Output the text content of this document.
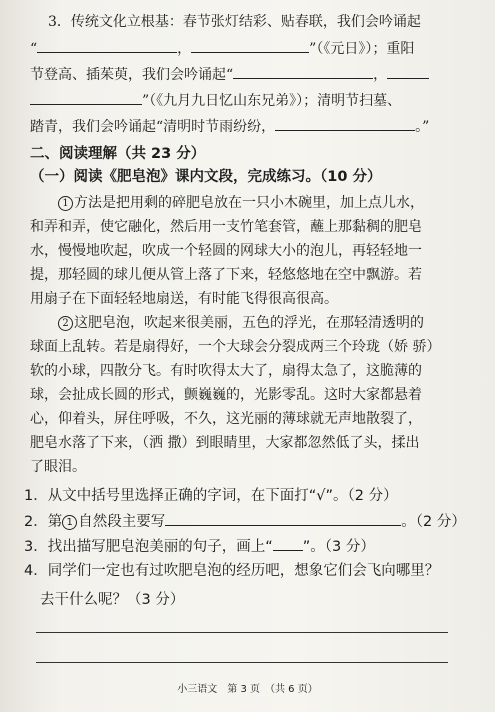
3．传统文化立根基：春节张灯结彩、贴春联，我们会吟诵起
“	，	”（《元日》）；重阳
节登高、插茱萸，我们会吟诵起“	，
”（《九月九日忆山东兄弟》）；清明节扫墓、
踏青，我们会吟诵起“清明时节雨纷纷，	。”
二、阅读理解（共 23 分）
（一）阅读《肥皂泡》课内文段，完成练习。（10 分）
1 方法是把用剩的碎肥皂放在一只小木碗里，加上点儿水，
和弄和弄，使它融化，然后用一支竹笔套管，蘸上那黏稠的肥皂
水，慢慢地吹起，吹成一个轻圆的网球大小的泡儿，再轻轻地一
提，那轻圆的球儿便从管上落了下来，轻悠悠地在空中飘游。若
用扇子在下面轻轻地扇送，有时能飞得很高很高。
2 这肥皂泡，吹起来很美丽，五色的浮光，在那轻清透明的
球面上乱转。若是扇得好，一个大球会分裂成两三个玲珑（娇 骄）
软的小球，四散分飞。有时吹得太大了，扇得太急了，这脆薄的
球，会扯成长圆的形式，颤巍巍的，光影零乱。这时大家都悬着
心，仰着头，屏住呼吸，不久，这光丽的薄球就无声地散裂了，
肥皂水落了下来，（洒 撒）到眼睛里，大家都忽然低了头，揉出
了眼泪。
1．从文中括号里选择正确的字词，在下面打“√”。（2 分）
2．第 1 自然段主要写	。（2 分）
3．找出描写肥皂泡美丽的句子，画上“ ”。（3 分）
4．同学们一定也有过吹肥皂泡的经历吧，想象它们会飞向哪里？
去干什么呢？（3 分）
小三语文　第 3 页　（共 6 页）
